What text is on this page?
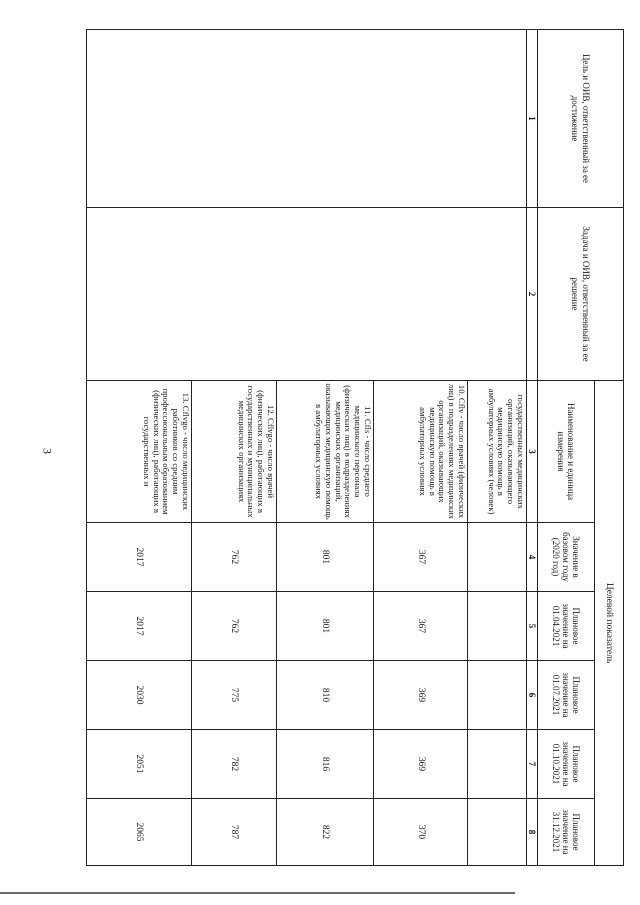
3
Цель и ОИВ, ответственный за ее достижение	Задача и ОИВ, ответственный за ее решение	Целевой показатель					
		Наименование и единица измерения	Значение в базовом году (2020 год)	Плановое значение на 01.04.2021	Плановое значение на 01.07.2021	Плановое значение на 01.10.2021	Плановое значение на 31.12.2021
1	2	3	4	5	6	7	8
		государственных медицинских организаций, оказывающего медицинскую помощь в амбулаторных условиях (человек)					
		10. Cflv - число врачей (физических лиц) в подразделениях медицинских организаций, оказывающих медицинскую помощь в амбулаторных условиях	367	367	369	369	370
		11. Cfls - число среднего медицинского персонала (физических лиц) в подразделениях медицинских организаций, оказывающих медицинскую помощь в амбулаторных условиях	801	801	810	816	822
		12. Cflvgo - число врачей (физических лиц), работающих в государственных и муниципальных медицинских организациях	762	762	775	782	787
		13. Cflvgo - число медицинских работников со средним профессиональным образованием (физических лиц), работающих в государственных и	2017	2017	2030	2051	2065
